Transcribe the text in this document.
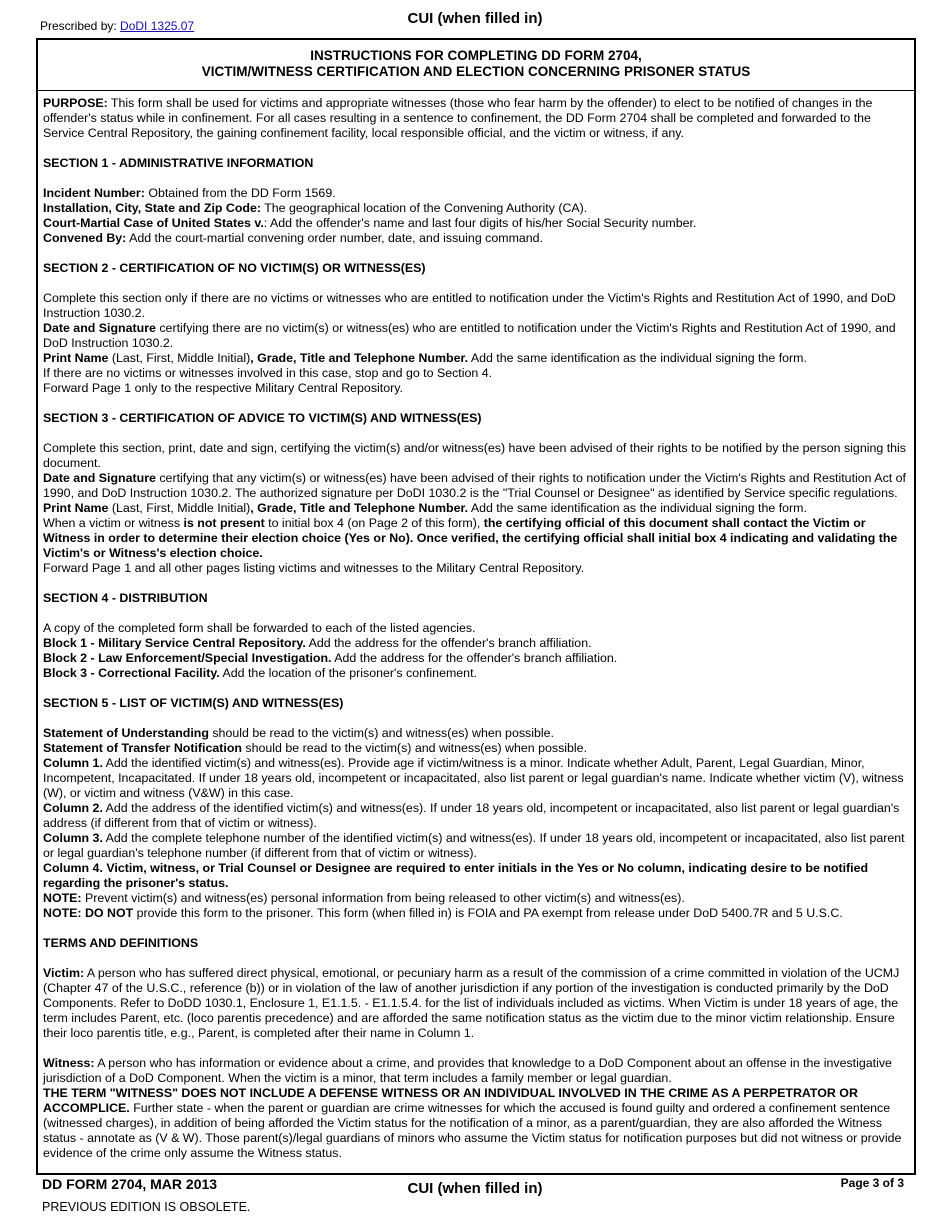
Prescribed by: DoDI 1325.07	CUI (when filled in)
INSTRUCTIONS FOR COMPLETING DD FORM 2704,
VICTIM/WITNESS CERTIFICATION AND ELECTION CONCERNING PRISONER STATUS

PURPOSE: This form shall be used for victims and appropriate witnesses (those who fear harm by the offender) to elect to be notified of changes in the offender's status while in confinement. For all cases resulting in a sentence to confinement, the DD Form 2704 shall be completed and forwarded to the Service Central Repository, the gaining confinement facility, local responsible official, and the victim or witness, if any.

SECTION 1 - ADMINISTRATIVE INFORMATION

Incident Number: Obtained from the DD Form 1569.

Installation, City, State and Zip Code: The geographical location of the Convening Authority (CA).

Court-Martial Case of United States v.: Add the offender's name and last four digits of his/her Social Security number.

Convened By: Add the court-martial convening order number, date, and issuing command.

SECTION 2 - CERTIFICATION OF NO VICTIM(S) OR WITNESS(ES)

Complete this section only if there are no victims or witnesses who are entitled to notification under the Victim's Rights and Restitution Act of 1990, and DoD Instruction 1030.2.

Date and Signature certifying there are no victim(s) or witness(es) who are entitled to notification under the Victim's Rights and Restitution Act of 1990, and DoD Instruction 1030.2.

Print Name (Last, First, Middle Initial), Grade, Title and Telephone Number. Add the same identification as the individual signing the form.

If there are no victims or witnesses involved in this case, stop and go to Section 4.

Forward Page 1 only to the respective Military Central Repository.

SECTION 3 - CERTIFICATION OF ADVICE TO VICTIM(S) AND WITNESS(ES)

Complete this section, print, date and sign, certifying the victim(s) and/or witness(es) have been advised of their rights to be notified by the person signing this document.

Date and Signature certifying that any victim(s) or witness(es) have been advised of their rights to notification under the Victim's Rights and Restitution Act of 1990, and DoD Instruction 1030.2. The authorized signature per DoDI 1030.2 is the "Trial Counsel or Designee" as identified by Service specific regulations.

Print Name (Last, First, Middle Initial), Grade, Title and Telephone Number. Add the same identification as the individual signing the form.

When a victim or witness is not present to initial box 4 (on Page 2 of this form), the certifying official of this document shall contact the Victim or Witness in order to determine their election choice (Yes or No). Once verified, the certifying official shall initial box 4 indicating and validating the Victim's or Witness's election choice.

Forward Page 1 and all other pages listing victims and witnesses to the Military Central Repository.

SECTION 4 - DISTRIBUTION

A copy of the completed form shall be forwarded to each of the listed agencies.

Block 1 - Military Service Central Repository. Add the address for the offender's branch affiliation.

Block 2 - Law Enforcement/Special Investigation. Add the address for the offender's branch affiliation.

Block 3 - Correctional Facility. Add the location of the prisoner's confinement.

SECTION 5 - LIST OF VICTIM(S) AND WITNESS(ES)

Statement of Understanding should be read to the victim(s) and witness(es) when possible.

Statement of Transfer Notification should be read to the victim(s) and witness(es) when possible.

Column 1. Add the identified victim(s) and witness(es). Provide age if victim/witness is a minor. Indicate whether Adult, Parent, Legal Guardian, Minor, Incompetent, Incapacitated. If under 18 years old, incompetent or incapacitated, also list parent or legal guardian's name. Indicate whether victim (V), witness (W), or victim and witness (V&W) in this case.

Column 2. Add the address of the identified victim(s) and witness(es). If under 18 years old, incompetent or incapacitated, also list parent or legal guardian's address (if different from that of victim or witness).

Column 3. Add the complete telephone number of the identified victim(s) and witness(es). If under 18 years old, incompetent or incapacitated, also list parent or legal guardian's telephone number (if different from that of victim or witness).

Column 4. Victim, witness, or Trial Counsel or Designee are required to enter initials in the Yes or No column, indicating desire to be notified regarding the prisoner's status.

NOTE: Prevent victim(s) and witness(es) personal information from being released to other victim(s) and witness(es).

NOTE: DO NOT provide this form to the prisoner. This form (when filled in) is FOIA and PA exempt from release under DoD 5400.7R and 5 U.S.C.

TERMS AND DEFINITIONS

Victim: A person who has suffered direct physical, emotional, or pecuniary harm as a result of the commission of a crime committed in violation of the UCMJ (Chapter 47 of the U.S.C., reference (b)) or in violation of the law of another jurisdiction if any portion of the investigation is conducted primarily by the DoD Components. Refer to DoDD 1030.1, Enclosure 1, E1.1.5. - E1.1.5.4. for the list of individuals included as victims. When Victim is under 18 years of age, the term includes Parent, etc. (loco parentis precedence) and are afforded the same notification status as the victim due to the minor victim relationship. Ensure their loco parentis title, e.g., Parent, is completed after their name in Column 1.

Witness: A person who has information or evidence about a crime, and provides that knowledge to a DoD Component about an offense in the investigative jurisdiction of a DoD Component. When the victim is a minor, that term includes a family member or legal guardian.

THE TERM "WITNESS" DOES NOT INCLUDE A DEFENSE WITNESS OR AN INDIVIDUAL INVOLVED IN THE CRIME AS A PERPETRATOR OR ACCOMPLICE. Further state - when the parent or guardian are crime witnesses for which the accused is found guilty and ordered a confinement sentence (witnessed charges), in addition of being afforded the Victim status for the notification of a minor, as a parent/guardian, they are also afforded the Witness status - annotate as (V & W). Those parent(s)/legal guardians of minors who assume the Victim status for notification purposes but did not witness or provide evidence of the crime only assume the Witness status.

DD FORM 2704, MAR 2013	CUI (when filled in)	Page 3 of 3
PREVIOUS EDITION IS OBSOLETE.
